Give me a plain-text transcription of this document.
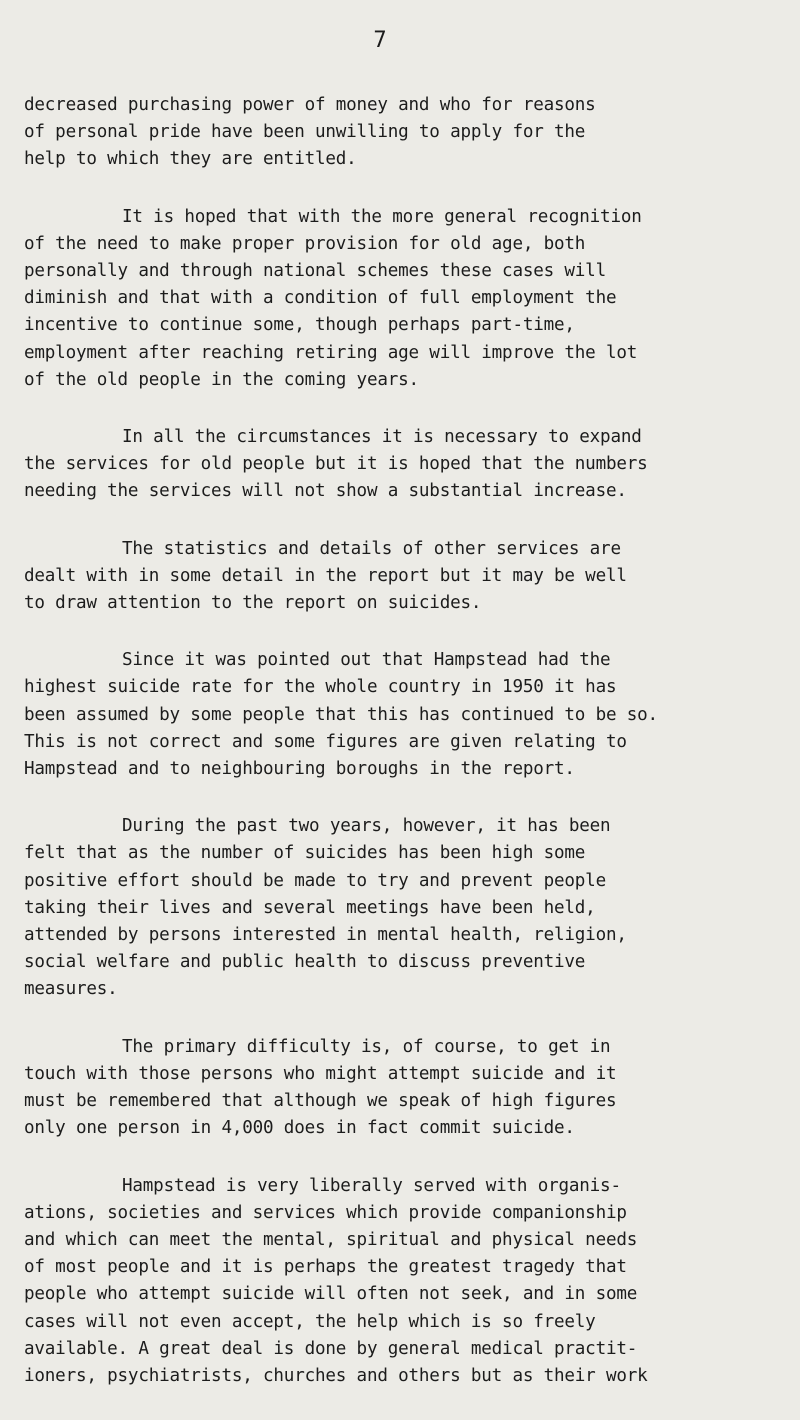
7
decreased purchasing power of money and who for reasons
of personal pride have been unwilling to apply for the
help to which they are entitled.
It is hoped that with the more general recognition
of the need to make proper provision for old age, both
personally and through national schemes these cases will
diminish and that with a condition of full employment the
incentive to continue some, though perhaps part-time,
employment after reaching retiring age will improve the lot
of the old people in the coming years.
In all the circumstances it is necessary to expand
the services for old people but it is hoped that the numbers
needing the services will not show a substantial increase.
The statistics and details of other services are
dealt with in some detail in the report but it may be well
to draw attention to the report on suicides.
Since it was pointed out that Hampstead had the
highest suicide rate for the whole country in 1950 it has
been assumed by some people that this has continued to be so.
This is not correct and some figures are given relating to
Hampstead and to neighbouring boroughs in the report.
During the past two years, however, it has been
felt that as the number of suicides has been high some
positive effort should be made to try and prevent people
taking their lives and several meetings have been held,
attended by persons interested in mental health, religion,
social welfare and public health to discuss preventive
measures.
The primary difficulty is, of course, to get in
touch with those persons who might attempt suicide and it
must be remembered that although we speak of high figures
only one person in 4,000 does in fact commit suicide.
Hampstead is very liberally served with organis-
ations, societies and services which provide companionship
and which can meet the mental, spiritual and physical needs
of most people and it is perhaps the greatest tragedy that
people who attempt suicide will often not seek, and in some
cases will not even accept, the help which is so freely
available. A great deal is done by general medical practit-
ioners, psychiatrists, churches and others but as their work
